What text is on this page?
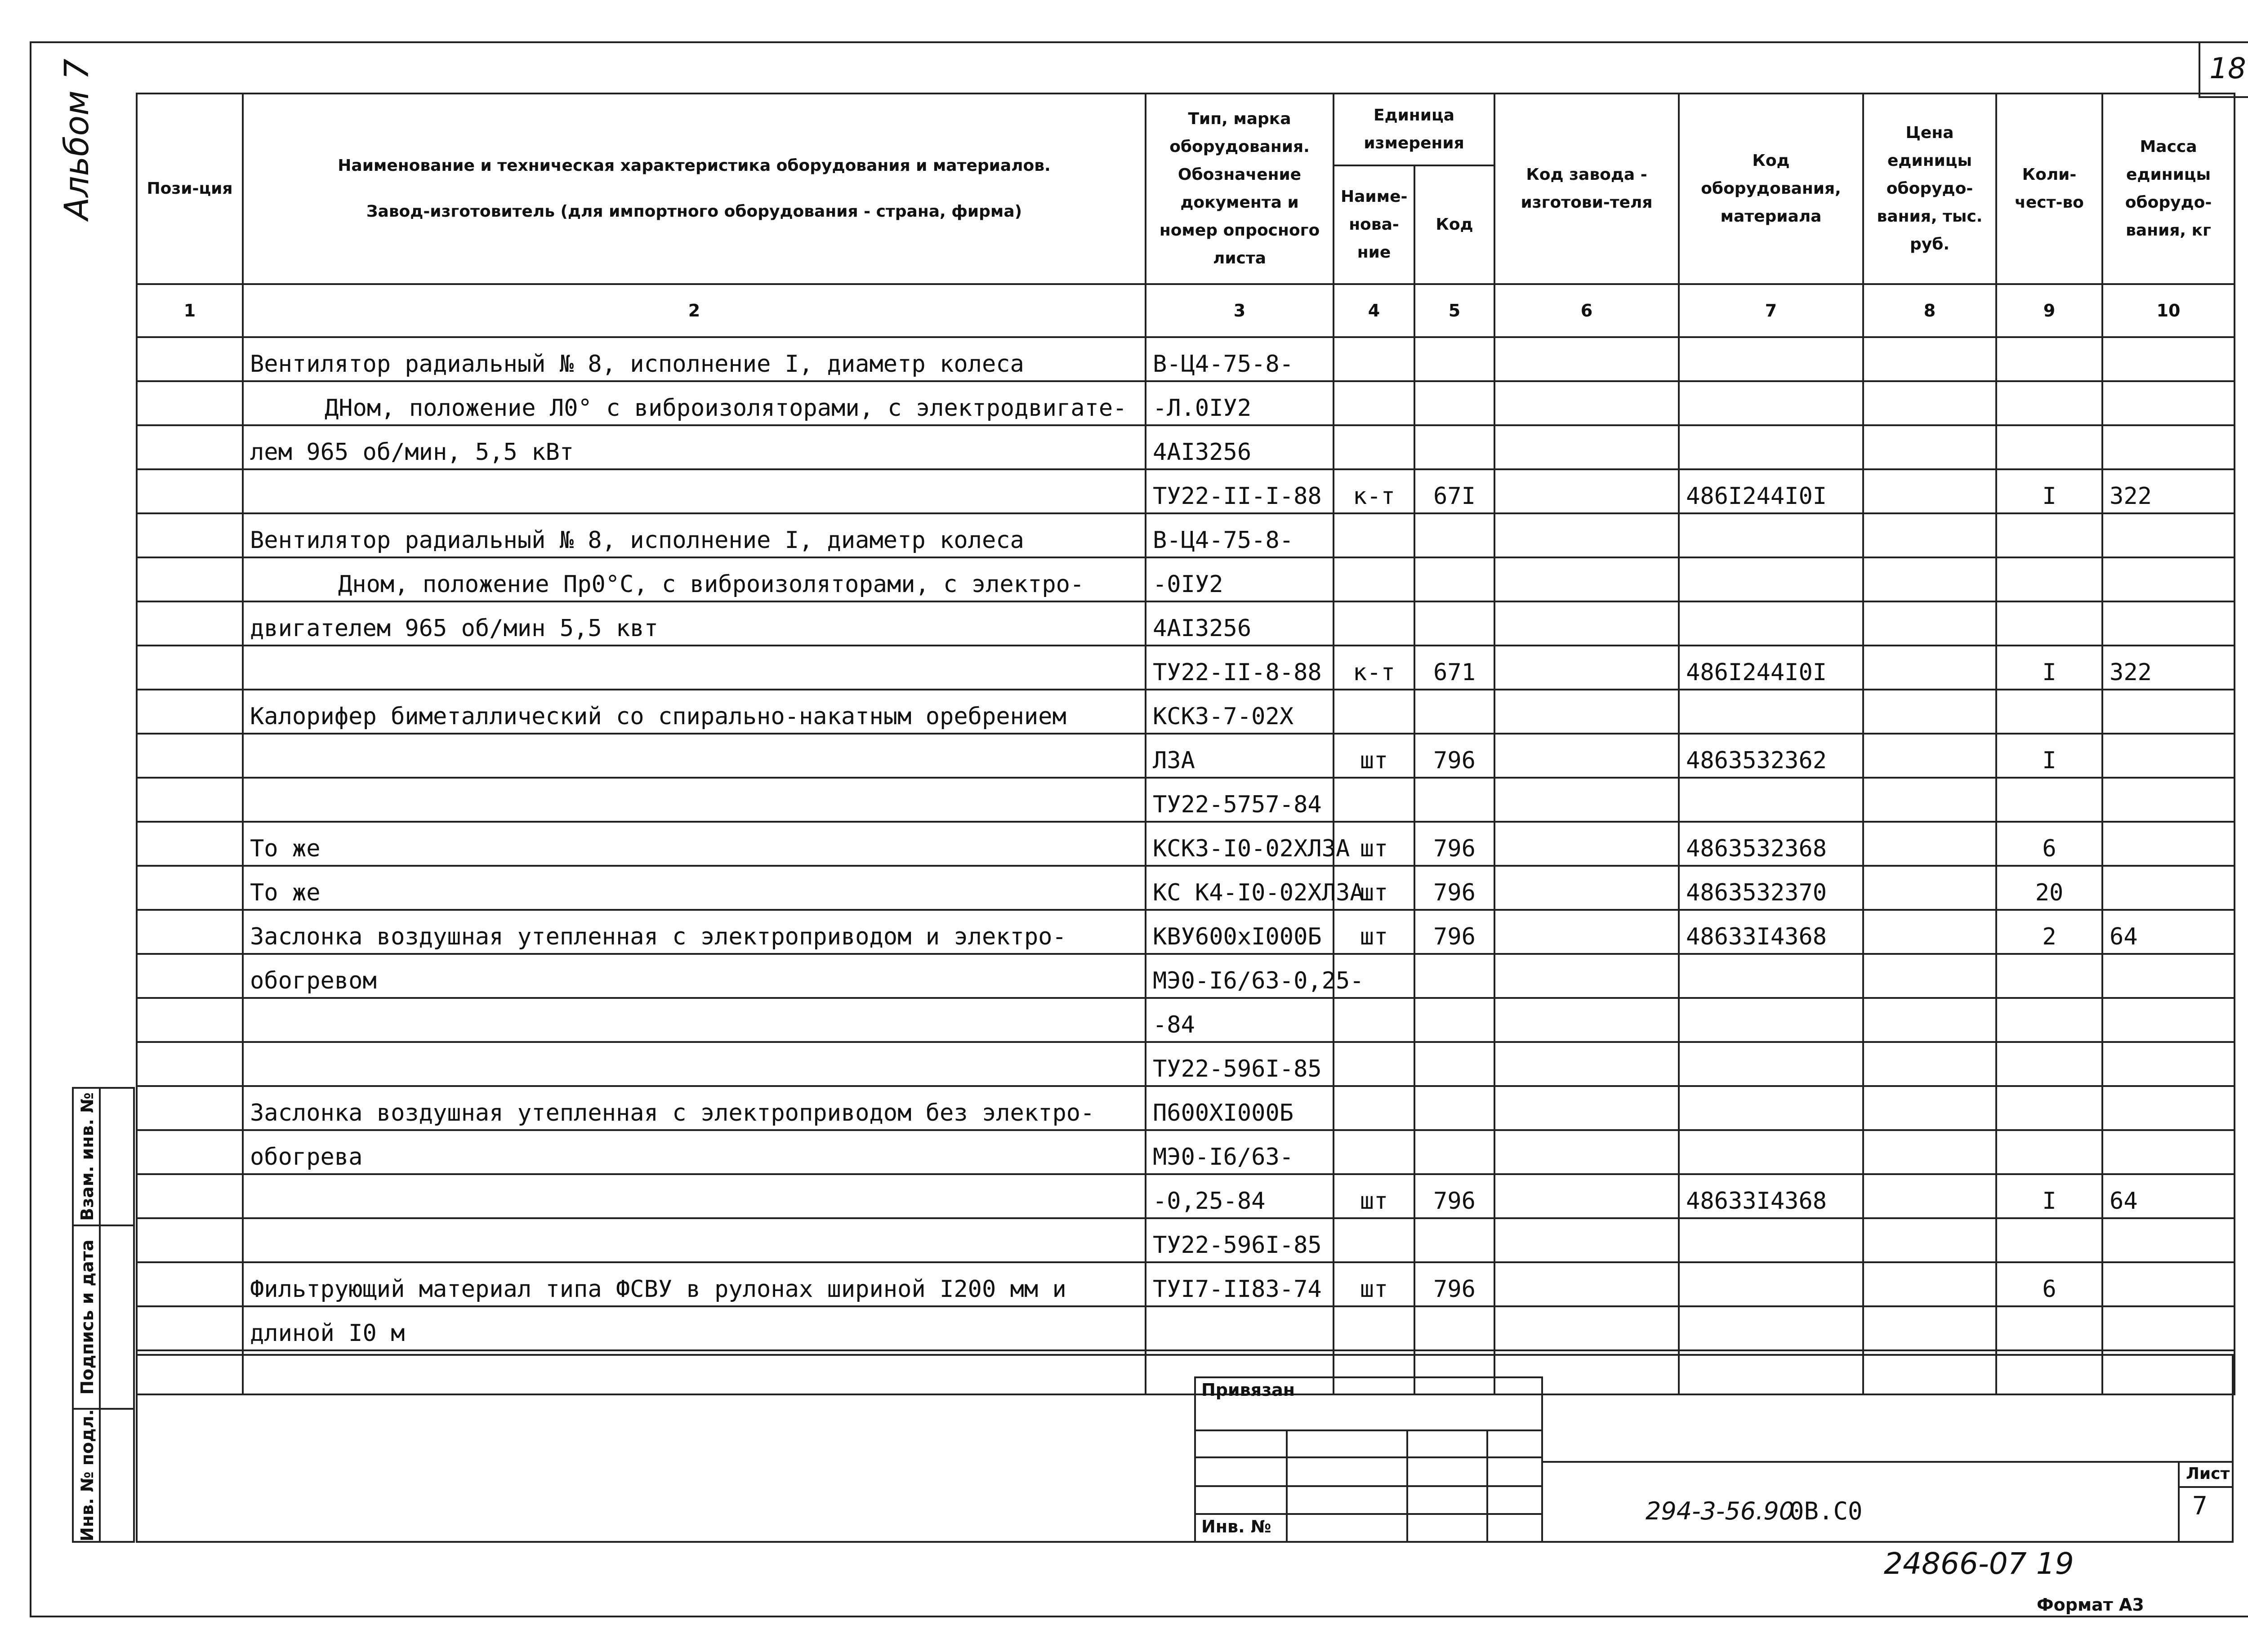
18
Альбом 7	Пози-ция	Наименование и техническая характеристика оборудования и материалов.
Завод-изготовитель (для импортного оборудования - страна, фирма)	Тип, марка оборудования. Обозначение документа и номер опросного листа	Единица измерения		Код завода - изготови-теля	Код оборудования, материала	Цена единицы оборудо-вания, тыс. руб.	Коли-чест-во	Масса единицы оборудо-вания, кг
			Наиме-нова-ние	Код					
1	2	3	4	5	6	7	8	9	10
	Вентилятор радиальный № 8, исполнение I, диаметр колеса	В-Ц4-75-8-							
	ДНом, положение Л0° с виброизоляторами, с электродвигате-	-Л.0IУ2							
	лем 965 об/мин, 5,5 кВт	4АI3256							
		ТУ22-II-I-88	к-т	67I		486I244I0I		I	322
	Вентилятор радиальный № 8, исполнение I, диаметр колеса	В-Ц4-75-8-							
	Дном, положение Пр0°С, с виброизоляторами, с электро-	-0IУ2							
	двигателем 965 об/мин 5,5 квт	4АI3256							
		ТУ22-II-8-88	к-т	671		486I244I0I		I	322
	Калорифер биметаллический со спирально-накатным оребрением	КСК3-7-02Х							
		Л3А	шт	796		4863532362		I	
		ТУ22-5757-84							
	То же	КСК3-I0-02ХЛ3А	шт	796		4863532368		6	
	То же	КС К4-I0-02ХЛ3А	шт	796		4863532370		20	
	Заслонка воздушная утепленная с электроприводом и электро-	КВУ600хI000Б	шт	796		48633I4368		2	64
	обогревом	МЭ0-I6/63-0,25-							
		-84							
		ТУ22-596I-85							
	Заслонка воздушная утепленная с электроприводом без электро-	П600ХI000Б							
	обогрева	МЭ0-I6/63-							
		-0,25-84	шт	796		48633I4368		I	64
		ТУ22-596I-85							
	Фильтрующий материал типа ФСВУ в рулонах шириной I200 мм и	ТУI7-II83-74	шт	796				6	
	длиной I0 м								

Взам. инв. №
Подпись и дата
Инв. № подл.
Привязан
Инв. №
294-3-56.90
0В.С0
Лист
7
24866-07 19
Формат А3
